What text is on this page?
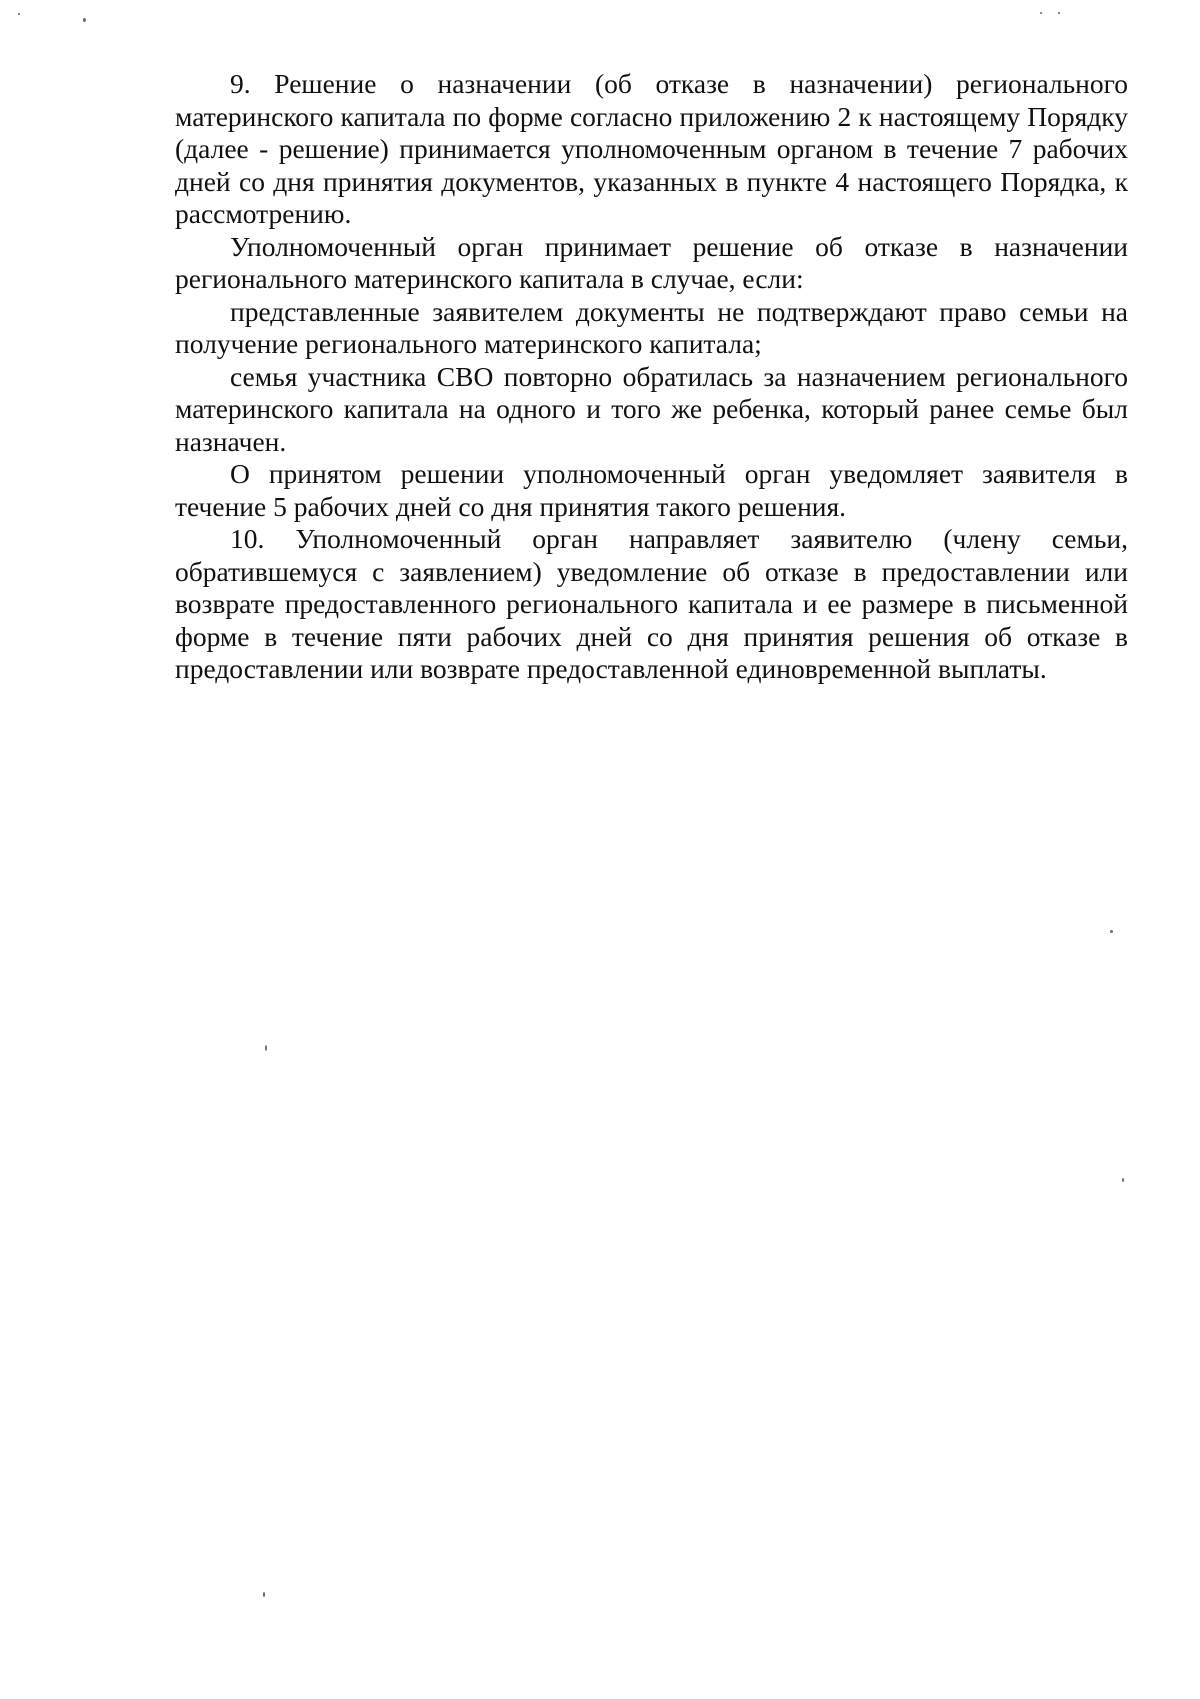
9. Решение о назначении (об отказе в назначении) регионального материнского капитала по форме согласно приложению 2 к настоящему Порядку (далее - решение) принимается уполномоченным органом в течение 7 рабочих дней со дня принятия документов, указанных в пункте 4 настоящего Порядка, к рассмотрению.

Уполномоченный орган принимает решение об отказе в назначении регионального материнского капитала в случае, если:

представленные заявителем документы не подтверждают право семьи на получение регионального материнского капитала;

семья участника СВО повторно обратилась за назначением регионального материнского капитала на одного и того же ребенка, который ранее семье был назначен.

О принятом решении уполномоченный орган уведомляет заявителя в течение 5 рабочих дней со дня принятия такого решения.

10. Уполномоченный орган направляет заявителю (члену семьи, обратившемуся с заявлением) уведомление об отказе в предоставлении или возврате предоставленного регионального капитала и ее размере в письменной форме в течение пяти рабочих дней со дня принятия решения об отказе в предоставлении или возврате предоставленной единовременной выплаты.
